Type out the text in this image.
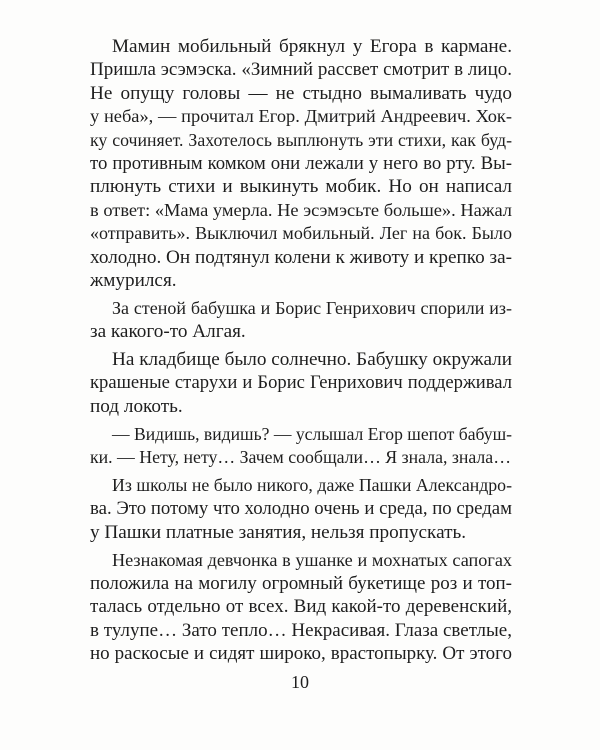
Мамин мобильный брякнул у Егора в кармане.
Пришла эсэмэска. «Зимний рассвет смотрит в лицо.
Не опущу головы — не стыдно вымаливать чудо
у неба», — прочитал Егор. Дмитрий Андреевич. Хок-
ку сочиняет. Захотелось выплюнуть эти стихи, как буд-
то противным комком они лежали у него во рту. Вы-
плюнуть стихи и выкинуть мобик. Но он написал
в ответ: «Мама умерла. Не эсэмэсьте больше». Нажал
«отправить». Выключил мобильный. Лег на бок. Было
холодно. Он подтянул колени к животу и крепко за-
жмурился.
За стеной бабушка и Борис Генрихович спорили из-
за какого-то Алгая.
На кладбище было солнечно. Бабушку окружали
крашеные старухи и Борис Генрихович поддерживал
под локоть.
— Видишь, видишь? — услышал Егор шепот бабуш-
ки. — Нету, нету… Зачем сообщали… Я знала, знала…
Из школы не было никого, даже Пашки Александро-
ва. Это потому что холодно очень и среда, по средам
у Пашки платные занятия, нельзя пропускать.
Незнакомая девчонка в ушанке и мохнатых сапогах
положила на могилу огромный букетище роз и топ-
талась отдельно от всех. Вид какой-то деревенский,
в тулупе… Зато тепло… Некрасивая. Глаза светлые,
но раскосые и сидят широко, врастопырку. От этого
10
